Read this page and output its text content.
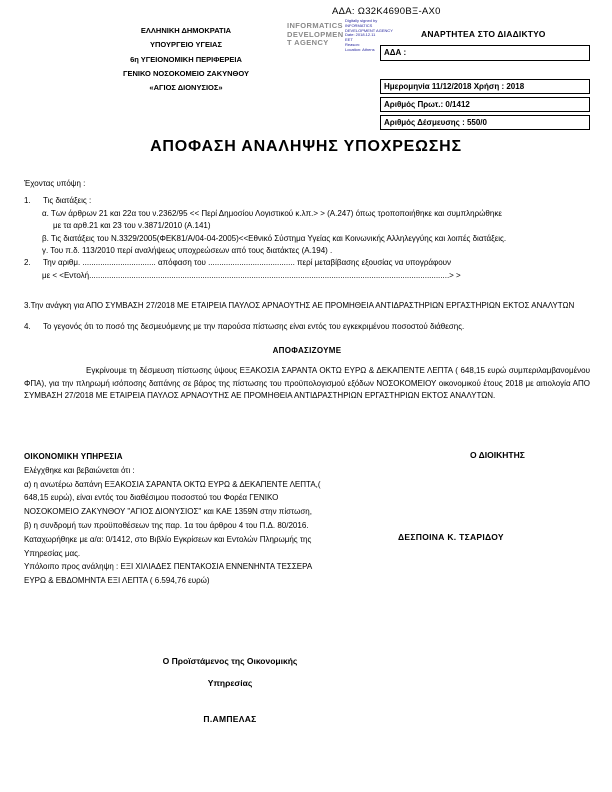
ΑΔΑ: Ω32Κ4690ΒΞ-ΑΧ0
ΕΛΛΗΝΙΚΗ ΔΗΜΟΚΡΑΤΙΑ
ΥΠΟΥΡΓΕΙΟ ΥΓΕΙΑΣ
6η ΥΓΕΙΟΝΟΜΙΚΗ ΠΕΡΙΦΕΡΕΙΑ
ΓΕΝΙΚΟ ΝΟΣΟΚΟΜΕΙΟ ΖΑΚΥΝΘΟΥ
«ΑΓΙΟΣ ΔΙΟΝΥΣΙΟΣ»
INFORMATICS
DEVELOPMEN
T AGENCY
Digitally signed by
INFORMATICS
DEVELOPMENT AGENCY
Date: 2018.12.11
EET
Reason:
Location: Athens
ΑΝΑΡΤΗΤΕΑ ΣΤΟ ΔΙΑΔΙΚΤΥΟ
ΑΔΑ :
Ημερομηνία 11/12/2018 Χρήση : 2018
Αριθμός Πρωτ.: 0/1412
Αριθμός Δέσμευσης : 550/0
ΑΠΟΦΑΣΗ ΑΝΑΛΗΨΗΣ ΥΠΟΧΡΕΩΣΗΣ
Έχοντας υπόψη :
1.	Τις διατάξεις :
α. Των άρθρων 21 και 22α του ν.2362/95 << Περί Δημοσίου Λογιστικού κ.λπ.> > (Α.247) όπως τροποποιήθηκε και συμπληρώθηκε
με τα αρθ.21 και 23 του ν.3871/2010 (Α.141)
β. Τις διατάξεις του Ν.3329/2005(ΦΕΚ81/Α/04-04-2005)<<Εθνικό Σύστημα Υγείας και Κοινωνικής Αλληλεγγύης και λοιπές διατάξεις.
γ. Του π.δ. 113/2010 περί αναλήψεως υποχρεώσεων από τους διατάκτες (Α.194) .
2.	Την αριθμ. ................................. απόφαση του ....................................... περί μεταβίβασης εξουσίας να υπογράφουν
με < <Εντολή..................................................................................................................................................................> >
3.Την ανάγκη για ΑΠΟ ΣΥΜΒΑΣΗ 27/2018 ΜΕ ΕΤΑΙΡΕΙΑ ΠΑΥΛΟΣ ΑΡΝΑΟΥΤΗΣ ΑΕ ΠΡΟΜΗΘΕΙΑ ΑΝΤΙΔΡΑΣΤΗΡΙΩΝ ΕΡΓΑΣΤΗΡΙΩΝ ΕΚΤΟΣ ΑΝΑΛΥΤΩΝ
4.	Το γεγονός ότι το ποσό της δεσμευόμενης με την παρούσα πίστωσης είναι εντός του εγκεκριμένου ποσοστού διάθεσης.
ΑΠΟΦΑΣΙΖΟΥΜΕ
Εγκρίνουμε τη δέσμευση πίστωσης ύψους ΕΞΑΚΟΣΙΑ ΣΑΡΑΝΤΑ ΟΚΤΩ ΕΥΡΩ & ΔΕΚΑΠΕΝΤΕ ΛΕΠΤΑ ( 648,15 ευρώ συμπεριλαμβανομένου ΦΠΑ), για την πληρωμή ισόποσης δαπάνης σε βάρος της πίστωσης του προϋπολογισμού εξόδων ΝΟΣΟΚΟΜΕΙΟΥ οικονομικού έτους 2018 με αιτιολογία ΑΠΟ ΣΥΜΒΑΣΗ 27/2018 ΜΕ ΕΤΑΙΡΕΙΑ ΠΑΥΛΟΣ ΑΡΝΑΟΥΤΗΣ ΑΕ ΠΡΟΜΗΘΕΙΑ ΑΝΤΙΔΡΑΣΤΗΡΙΩΝ ΕΡΓΑΣΤΗΡΙΩΝ ΕΚΤΟΣ ΑΝΑΛΥΤΩΝ.
ΟΙΚΟΝΟΜΙΚΗ ΥΠΗΡΕΣΙΑ

Ελέγχθηκε και βεβαιώνεται ότι :

α) η ανωτέρω δαπάνη ΕΞΑΚΟΣΙΑ ΣΑΡΑΝΤΑ ΟΚΤΩ ΕΥΡΩ & ΔΕΚΑΠΕΝΤΕ ΛΕΠΤΑ,( 648,15 ευρώ), είναι εντός του διαθέσιμου ποσοστού του Φορέα ΓΕΝΙΚΟ ΝΟΣΟΚΟΜΕΙΟ ΖΑΚΥΝΘΟΥ "ΑΓΙΟΣ ΔΙΟΝΥΣΙΟΣ" και ΚΑΕ 1359Ν στην πίστωση,

β) η συνδρομή των προϋποθέσεων της παρ. 1α του άρθρου 4 του Π.Δ. 80/2016.

Καταχωρήθηκε με α/α: 0/1412, στο Βιβλίο Εγκρίσεων και Εντολών Πληρωμής της Υπηρεσίας μας.

Υπόλοιπο προς ανάληψη : ΕΞΙ ΧΙΛΙΑΔΕΣ ΠΕΝΤΑΚΟΣΙΑ ΕΝΝΕΝΗΝΤΑ ΤΕΣΣΕΡΑ ΕΥΡΩ & ΕΒΔΟΜΗΝΤΑ ΕΞΙ ΛΕΠΤΑ ( 6.594,76 ευρώ)

Ο ΔΙΟΙΚΗΤΗΣ
ΔΕΣΠΟΙΝΑ Κ. ΤΣΑΡΙΔΟΥ
Ο Προϊστάμενος της Οικονομικής
Υπηρεσίας
Π.ΑΜΠΕΛΑΣ
